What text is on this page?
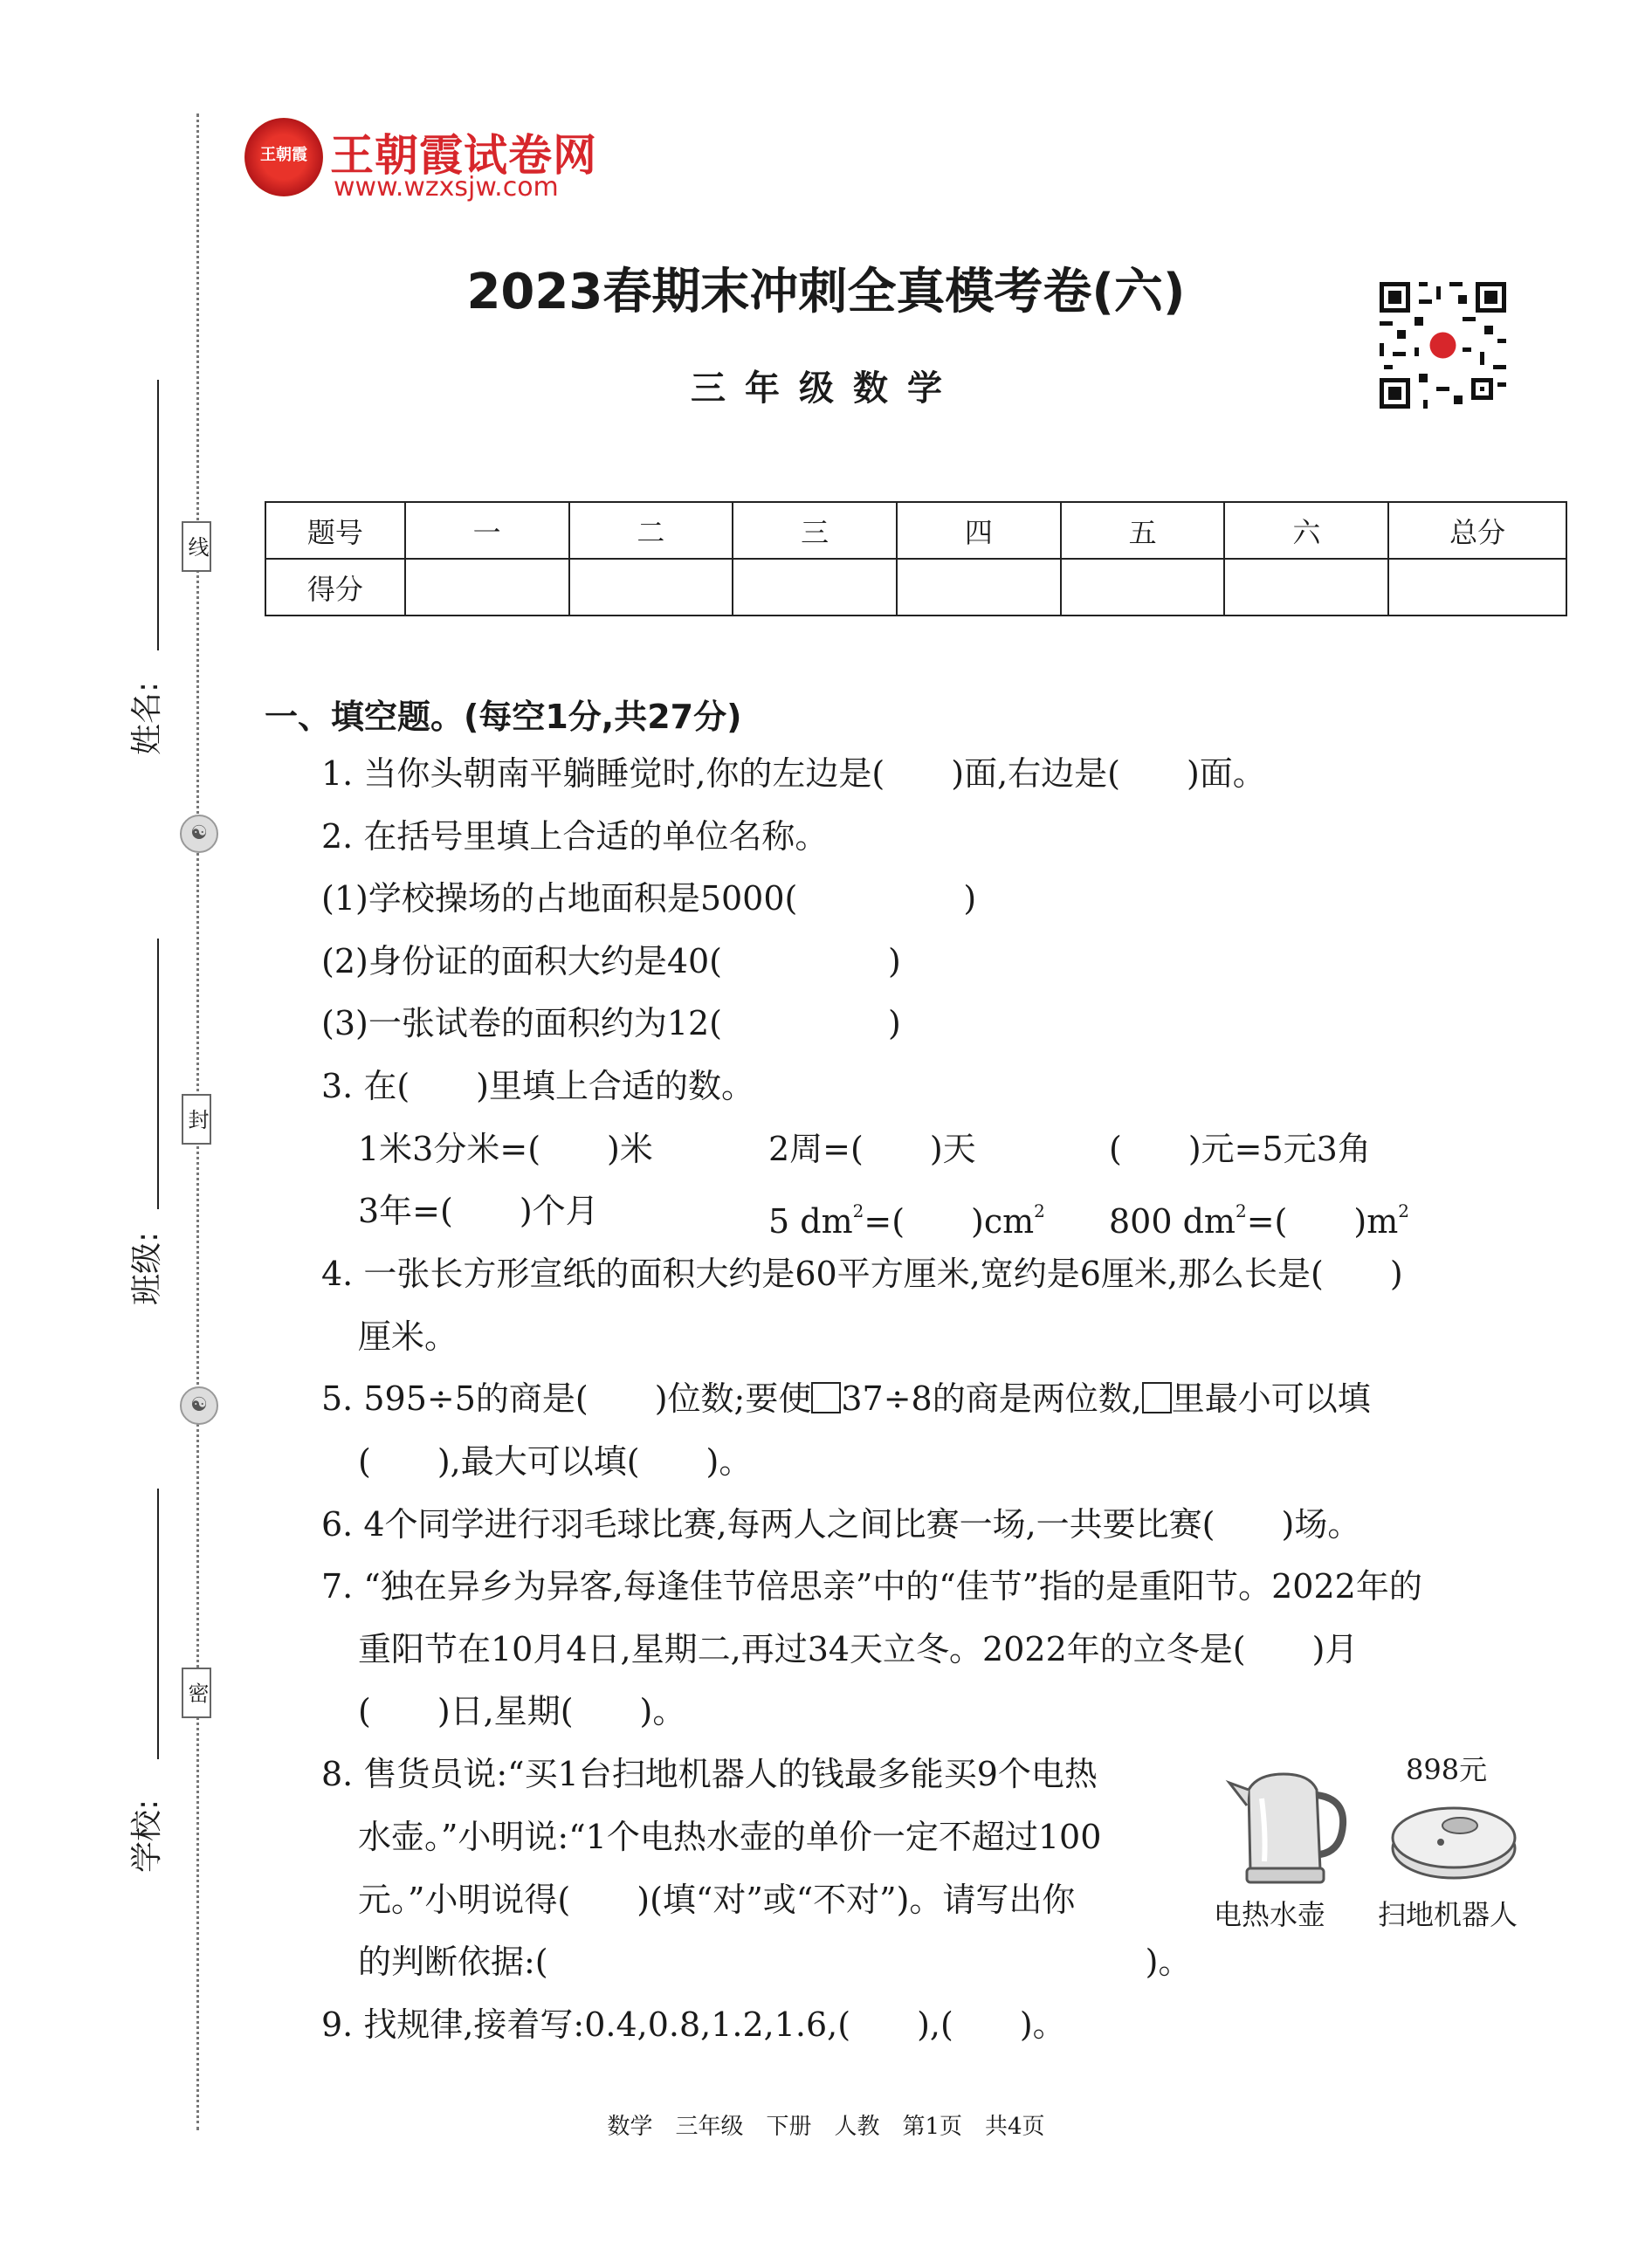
线
☯
封
☯
密
姓名:
班级:
学校:
王朝霞 王朝霞试卷网
www.wzxsjw.com
2023春期末冲刺全真模考卷(六)
三年级数学
题号	一	二	三	四	五	六	总分
得分							
一、填空题。(每空1分,共27分)
1. 当你头朝南平躺睡觉时,你的左边是(　　)面,右边是(　　)面。
2. 在括号里填上合适的单位名称。
(1)学校操场的占地面积是5000(　　　　　)
(2)身份证的面积大约是40(　　　　　)
(3)一张试卷的面积约为12(　　　　　)
3. 在(　　)里填上合适的数。
1米3分米=(　　)米	2周=(　　)天	(　　)元=5元3角
3年=(　　)个月	5 $dm^2=$(　　)$cm^2$ 800 $dm^2=$(　　)$m^2$
4. 一张长方形宣纸的面积大约是60平方厘米,宽约是6厘米,那么长是(　　)
厘米。
5. 595÷5的商是(　　)位数;要使 37÷8的商是两位数, 里最小可以填
(　　),最大可以填(　　)。
6. 4个同学进行羽毛球比赛,每两人之间比赛一场,一共要比赛(　　)场。
7. “独在异乡为异客,每逢佳节倍思亲”中的“佳节”指的是重阳节。2022年的
重阳节在10月4日,星期二,再过34天立冬。2022年的立冬是(　　)月
(　　)日,星期(　　)。
8. 售货员说:“买1台扫地机器人的钱最多能买9个电热
水壶。”小明说:“1个电热水壶的单价一定不超过100
元。”小明说得(　　)(填“对”或“不对”)。请写出你
的判断依据:(　　　　　　　　　　　　　　　　　　)。
9. 找规律,接着写:0.4,0.8,1.2,1.6,(　　),(　　)。
电热水壶
898元
扫地机器人
数学　三年级　下册　人教　第1页　共4页
